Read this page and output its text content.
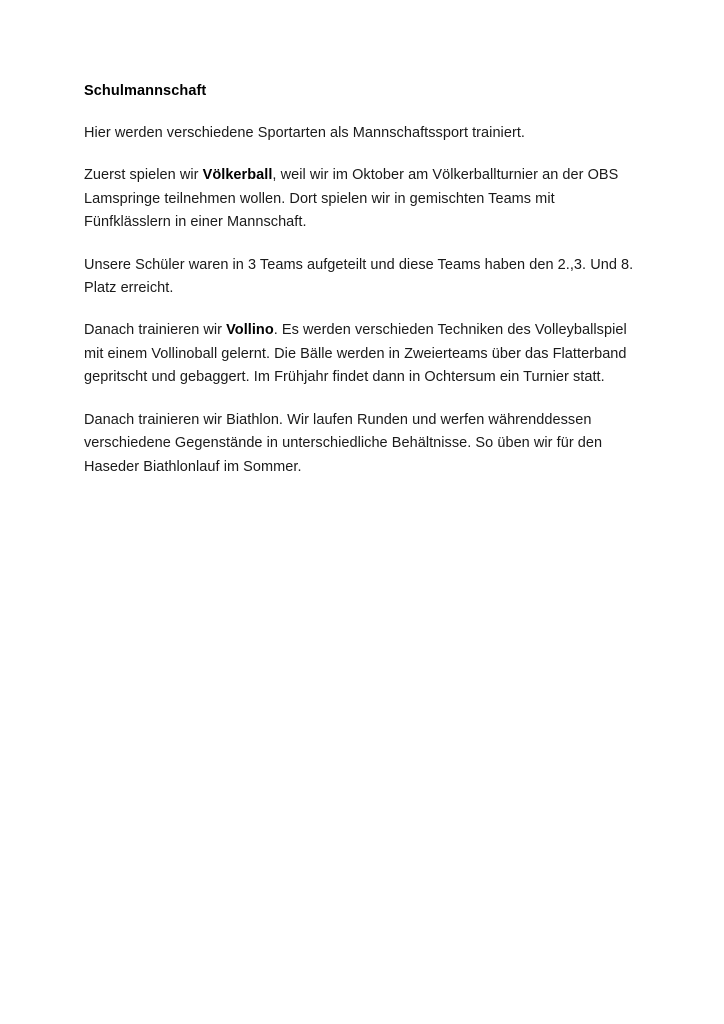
Schulmannschaft

Hier werden verschiedene Sportarten als Mannschaftssport trainiert.

Zuerst spielen wir Völkerball, weil wir im Oktober am Völkerballturnier an der OBS Lamspringe teilnehmen wollen. Dort spielen wir in gemischten Teams mit Fünfklässlern in einer Mannschaft.

Unsere Schüler waren in 3 Teams aufgeteilt und diese Teams haben den 2.,3. Und 8. Platz erreicht.

Danach trainieren wir Vollino. Es werden verschieden Techniken des Volleyballspiel mit einem Vollinoball gelernt. Die Bälle werden in Zweierteams über das Flatterband gepritscht und gebaggert. Im Frühjahr findet dann in Ochtersum ein Turnier statt.

Danach trainieren wir Biathlon. Wir laufen Runden und werfen währenddessen verschiedene Gegenstände in unterschiedliche Behältnisse. So üben wir für den Haseder Biathlonlauf im Sommer.
